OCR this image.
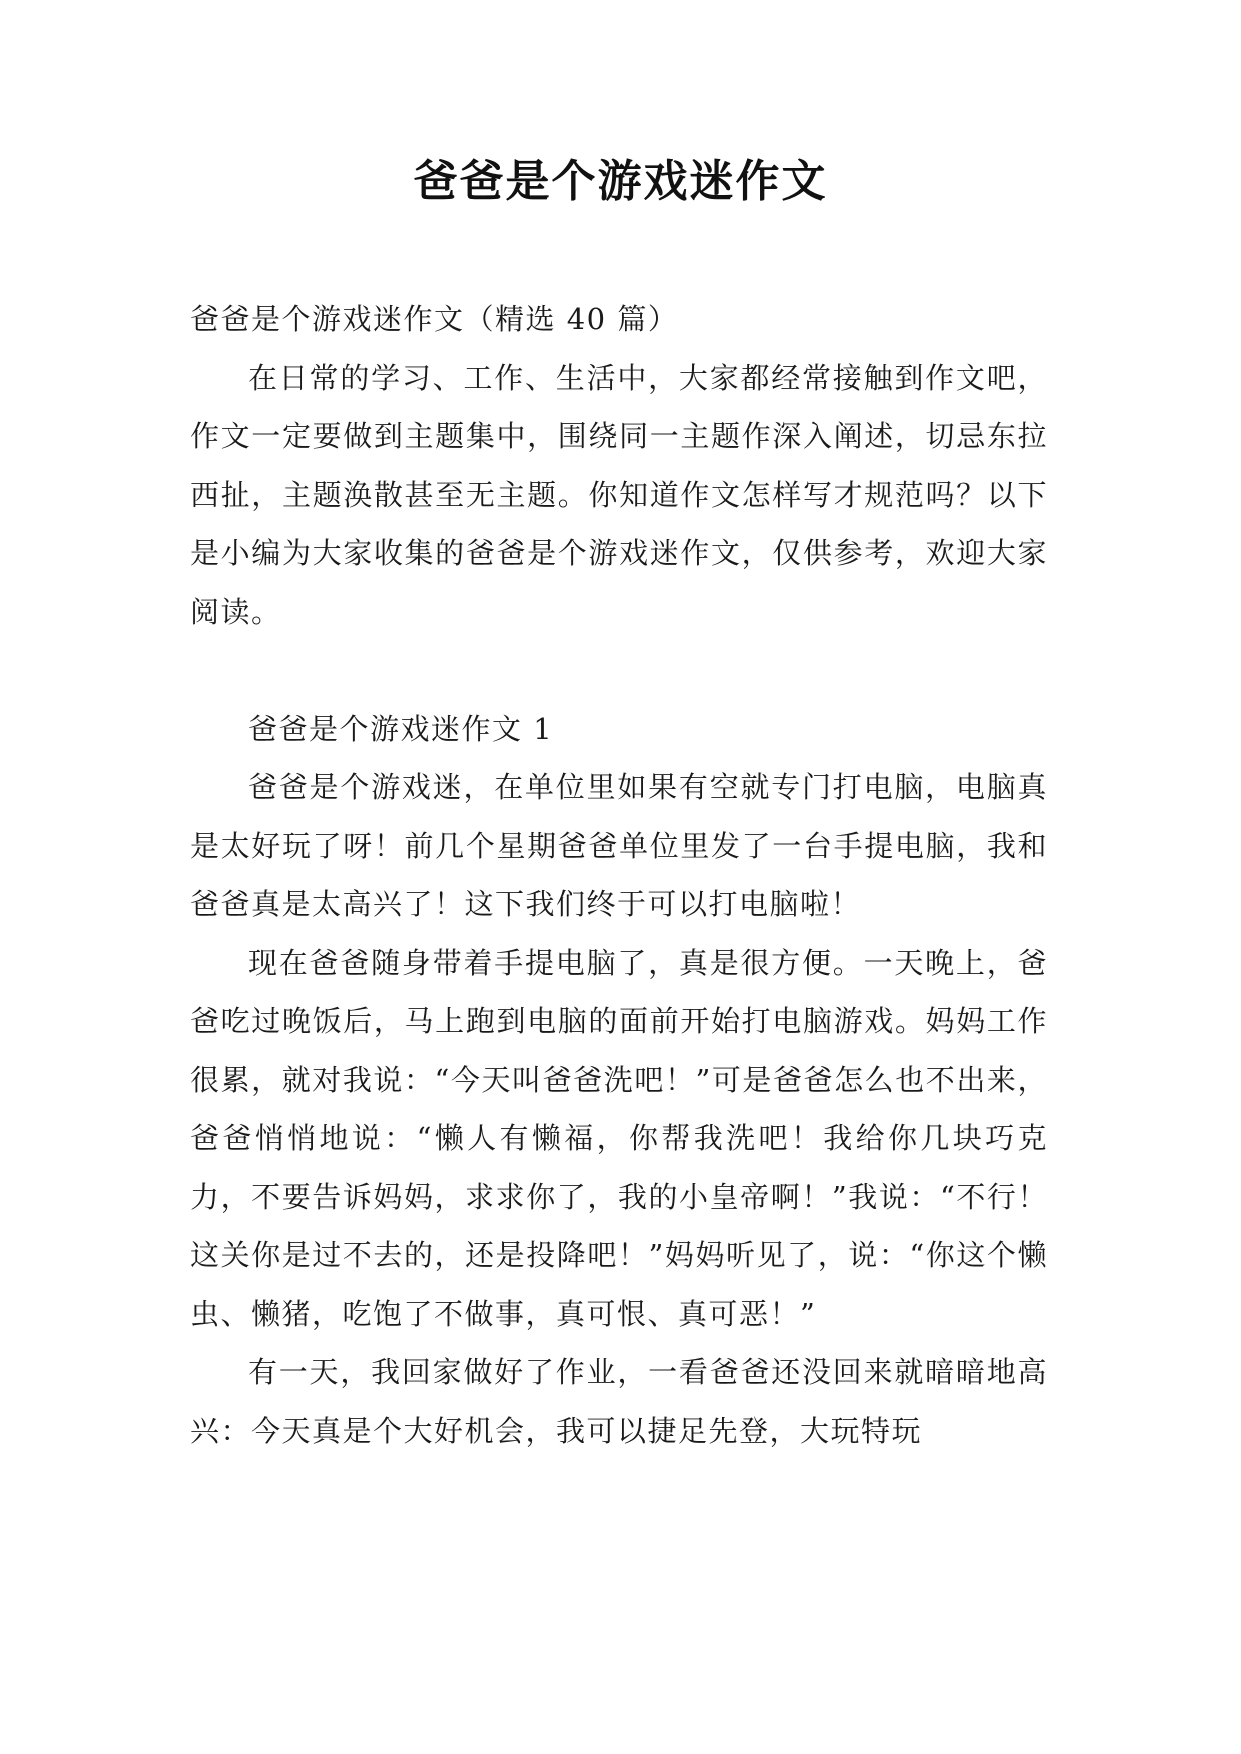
爸爸是个游戏迷作文

爸爸是个游戏迷作文（精选 40 篇）

在日常的学习、工作、生活中，大家都经常接触到作文吧，作文一定要做到主题集中，围绕同一主题作深入阐述，切忌东拉西扯，主题涣散甚至无主题。你知道作文怎样写才规范吗？以下是小编为大家收集的爸爸是个游戏迷作文，仅供参考，欢迎大家阅读。

爸爸是个游戏迷作文 1

爸爸是个游戏迷，在单位里如果有空就专门打电脑，电脑真是太好玩了呀！前几个星期爸爸单位里发了一台手提电脑，我和爸爸真是太高兴了！这下我们终于可以打电脑啦！

现在爸爸随身带着手提电脑了，真是很方便。一天晚上，爸爸吃过晚饭后，马上跑到电脑的面前开始打电脑游戏。妈妈工作很累，就对我说：“今天叫爸爸洗吧！”可是爸爸怎么也不出来，爸爸悄悄地说：“懒人有懒福，你帮我洗吧！我给你几块巧克力，不要告诉妈妈，求求你了，我的小皇帝啊！”我说：“不行！这关你是过不去的，还是投降吧！”妈妈听见了，说：“你这个懒虫、懒猪，吃饱了不做事，真可恨、真可恶！”

有一天，我回家做好了作业，一看爸爸还没回来就暗暗地高兴：今天真是个大好机会，我可以捷足先登，大玩特玩
